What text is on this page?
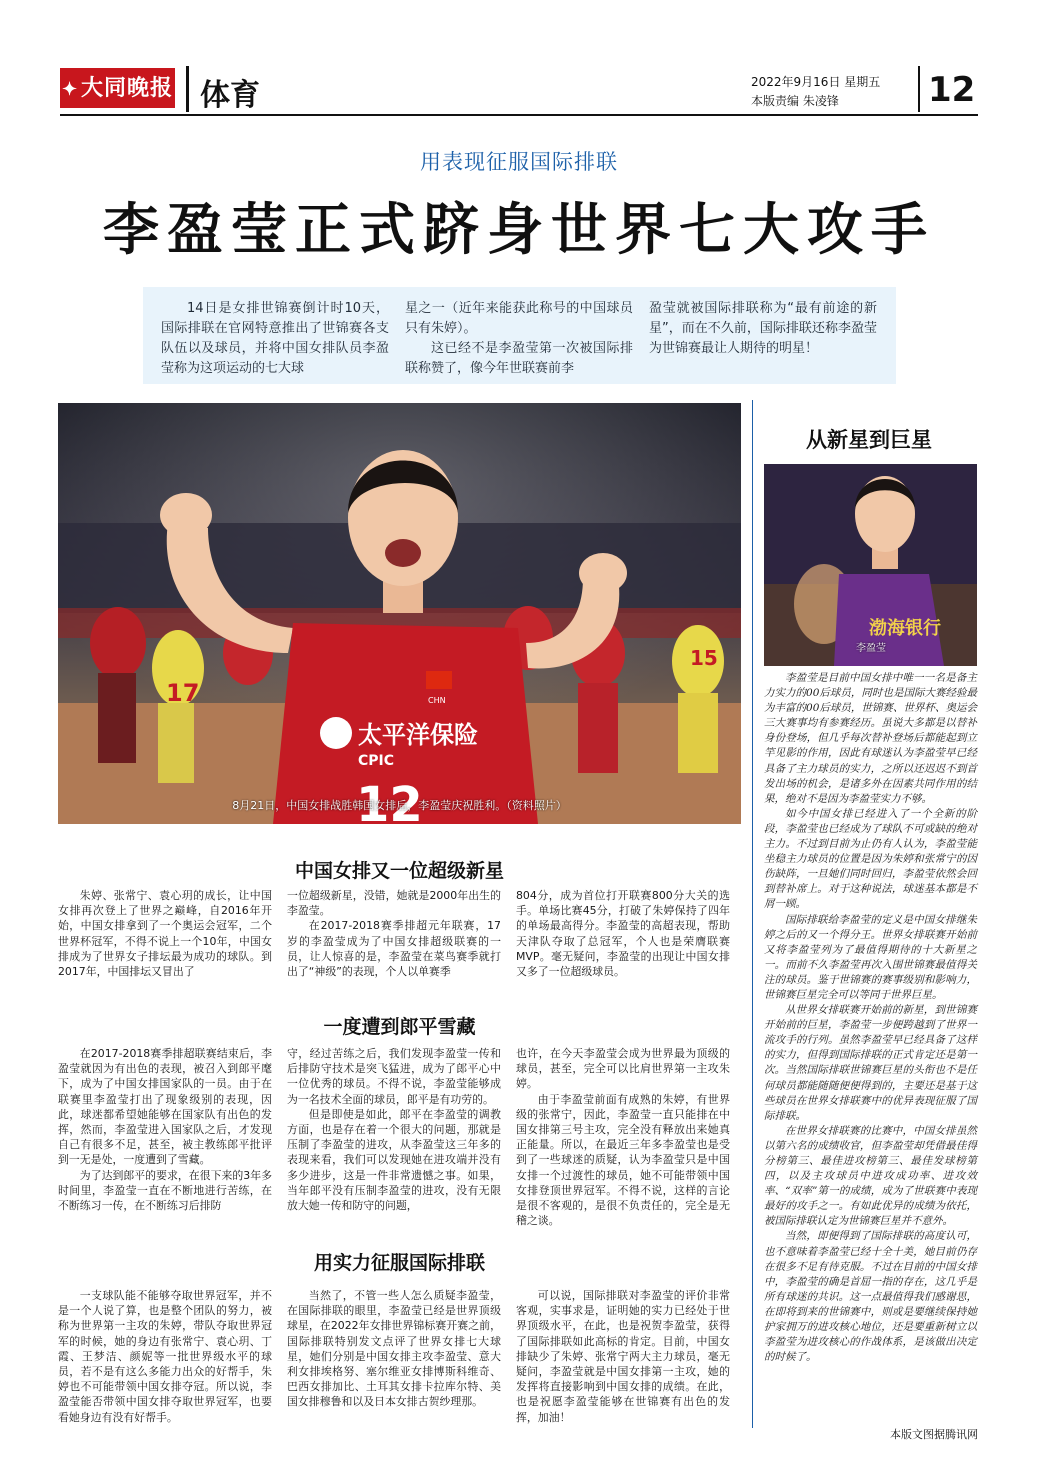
✦ 大同晚报 体育	2022年9月16日 星期五
本版责编 朱凌锋	12
用表现征服国际排联
李盈莹正式跻身世界七大攻手

14日是女排世锦赛倒计时10天，国际排联在官网特意推出了世锦赛各支队伍以及球员，并将中国女排队员李盈莹称为这项运动的七大球

星之一（近年来能获此称号的中国球员只有朱婷）。

这已经不是李盈莹第一次被国际排联称赞了，像今年世联赛前李

盈莹就被国际排联称为“最有前途的新星”，而在不久前，国际排联还称李盈莹为世锦赛最让人期待的明星！

太平洋保险
CPIC
12
CHN
17
15
8月21日，中国女排战胜韩国女排后，李盈莹庆祝胜利。（资料照片）
中国女排又一位超级新星

朱婷、张常宁、袁心玥的成长，让中国女排再次登上了世界之巅峰，自2016年开始，中国女排拿到了一个奥运会冠军，二个世界杯冠军，不得不说上一个10年，中国女排成为了世界女子排坛最为成功的球队。到2017年，中国排坛又冒出了

一位超级新星，没错，她就是2000年出生的李盈莹。

在2017-2018赛季排超元年联赛，17岁的李盈莹成为了中国女排超级联赛的一员，让人惊喜的是，李盈莹在菜鸟赛季就打出了“神级”的表现，个人以单赛季

804分，成为首位打开联赛800分大关的选手。单场比赛45分，打破了朱婷保持了四年的单场最高得分。李盈莹的高超表现，帮助天津队夺取了总冠军，个人也是荣膺联赛MVP。毫无疑问，李盈莹的出现让中国女排又多了一位超级球员。

一度遭到郎平雪藏

在2017-2018赛季排超联赛结束后，李盈莹就因为有出色的表现，被召入到郎平麾下，成为了中国女排国家队的一员。由于在联赛里李盈莹打出了现象级别的表现，因此，球迷都希望她能够在国家队有出色的发挥，然而，李盈莹进入国家队之后，才发现自己有很多不足，甚至，被主教练郎平批评到一无是处，一度遭到了雪藏。

为了达到郎平的要求，在很下来的3年多时间里，李盈莹一直在不断地进行苦练，在不断练习一传，在不断练习后排防

守，经过苦练之后，我们发现李盈莹一传和后排防守技术是突飞猛进，成为了郎平心中一位优秀的球员。不得不说，李盈莹能够成为一名技术全面的球员，郎平是有功劳的。

但是即使是如此，郎平在李盈莹的调教方面，也是存在着一个很大的问题，那就是压制了李盈莹的进攻，从李盈莹这三年多的表现来看，我们可以发现她在进攻端并没有多少进步，这是一件非常遗憾之事。如果，当年郎平没有压制李盈莹的进攻，没有无限放大她一传和防守的问题，

也许，在今天李盈莹会成为世界最为顶级的球员，甚至，完全可以比肩世界第一主攻朱婷。

由于李盈莹前面有成熟的朱婷，有世界级的张常宁，因此，李盈莹一直只能排在中国女排第三号主攻，完全没有释放出来她真正能量。所以，在最近三年多李盈莹也是受到了一些球迷的质疑，认为李盈莹只是中国女排一个过渡性的球员，她不可能带领中国女排登顶世界冠军。不得不说，这样的言论是很不客观的，是很不负责任的，完全是无稽之谈。

用实力征服国际排联

一支球队能不能够夺取世界冠军，并不是一个人说了算，也是整个团队的努力，被称为世界第一主攻的朱婷，带队夺取世界冠军的时候，她的身边有张常宁、袁心玥、丁霞、王梦洁、颜妮等一批世界级水平的球员，若不是有这么多能力出众的好帮手，朱婷也不可能带领中国女排夺冠。所以说，李盈莹能否带领中国女排夺取世界冠军，也要看她身边有没有好帮手。

当然了，不管一些人怎么质疑李盈莹，在国际排联的眼里，李盈莹已经是世界顶级球星，在2022年女排世界锦标赛开赛之前，国际排联特别发文点评了世界女排七大球星，她们分别是中国女排主攻李盈莹、意大利女排埃格努、塞尔维亚女排博斯科维奇、巴西女排加比、土耳其女排卡拉库尔特、美国女排穆鲁和以及日本女排古贺纱理那。

可以说，国际排联对李盈莹的评价非常客观，实事求是，证明她的实力已经处于世界顶级水平，在此，也是祝贺李盈莹，获得了国际排联如此高标的肯定。目前，中国女排缺少了朱婷、张常宁两大主力球员，毫无疑问，李盈莹就是中国女排第一主攻，她的发挥将直接影响到中国女排的成绩。在此，也是祝愿李盈莹能够在世锦赛有出色的发挥，加油！

从新星到巨星
渤海银行
李盈莹

李盈莹是目前中国女排中唯一一名是备主力实力的00后球员，同时也是国际大赛经验最为丰富的00后球员，世锦赛、世界杯、奥运会三大赛事均有参赛经历。虽说大多都是以替补身份登场，但几乎每次替补登场后都能起到立竿见影的作用，因此有球迷认为李盈莹早已经具备了主力球员的实力，之所以还迟迟不到首发出场的机会，是诸多外在因素共同作用的结果，绝对不是因为李盈莹实力不够。

如今中国女排已经进入了一个全新的阶段，李盈莹也已经成为了球队不可或缺的绝对主力。不过到目前为止仍有人认为，李盈莹能坐稳主力球员的位置是因为朱婷和张常宁的因伤缺阵，一旦她们同时回归，李盈莹依然会回到替补席上。对于这种说法，球迷基本都是不屑一顾。

国际排联给李盈莹的定义是中国女排继朱婷之后的又一个得分王。世界女排联赛开始前又将李盈莹列为了最值得期待的十大新星之一。而前不久李盈莹再次入围世锦赛最值得关注的球员。鉴于世锦赛的赛事级别和影响力，世锦赛巨星完全可以等同于世界巨星。

从世界女排联赛开始前的新星，到世锦赛开始前的巨星，李盈莹一步便跨越到了世界一流攻手的行列。虽然李盈莹早已经具备了这样的实力，但得到国际排联的正式肯定还是第一次。当然国际排联世锦赛巨星的头衔也不是任何球员都能随随便便得到的，主要还是基于这些球员在世界女排联赛中的优异表现征服了国际排联。

在世界女排联赛的比赛中，中国女排虽然以第六名的成绩收官，但李盈莹却凭借最佳得分榜第三、最佳进攻榜第三、最佳发球榜第四，以及主攻球员中进攻成功率、进攻效率、“双率”第一的成绩，成为了世联赛中表现最好的攻手之一。有如此优异的成绩为依托，被国际排联认定为世锦赛巨星并不意外。

当然，即便得到了国际排联的高度认可，也不意味着李盈莹已经十全十美，她目前仍存在很多不足有待克服。不过在目前的中国女排中，李盈莹的确是首屈一指的存在，这几乎是所有球迷的共识。这一点最值得我们感谢思，在即将到来的世锦赛中，则或是要继续保持她护家拥万的进攻核心地位，还是要重新树立以李盈莹为进攻核心的作战体系，是该做出决定的时候了。

本版文图据腾讯网
